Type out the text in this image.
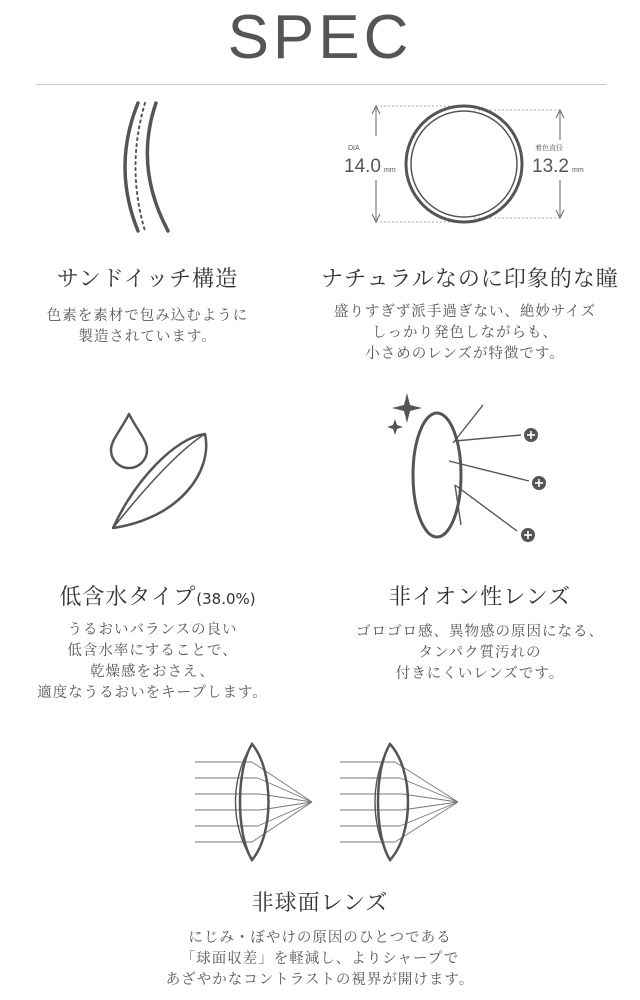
SPEC
サンドイッチ構造
色素を素材で包み込むように
製造されています。
DIA
14.0 mm
着色直径
13.2 mm
ナチュラルなのに印象的な瞳
盛りすぎず派手過ぎない、絶妙サイズ
しっかり発色しながらも、
小さめのレンズが特徴です。
低含水タイプ(38.0%)
うるおいバランスの良い
低含水率にすることで、
乾燥感をおさえ、
適度なうるおいをキープします。
非イオン性レンズ
ゴロゴロ感、異物感の原因になる、
タンパク質汚れの
付きにくいレンズです。
非球面レンズ
にじみ・ぼやけの原因のひとつである
「球面収差」を軽減し、よりシャープで
あざやかなコントラストの視界が開けます。
